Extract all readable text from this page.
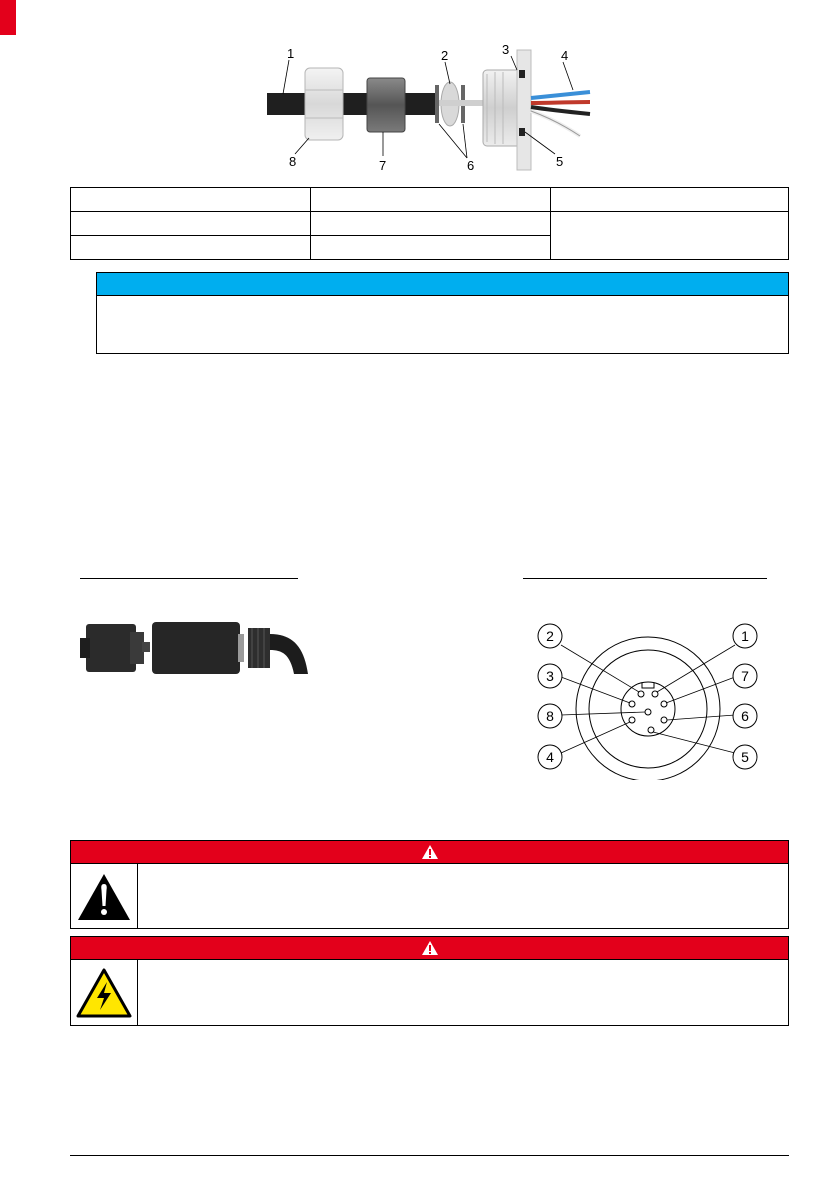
1	2	3	4
5
6
7
8

2	1
3	7
8	6
4	5
